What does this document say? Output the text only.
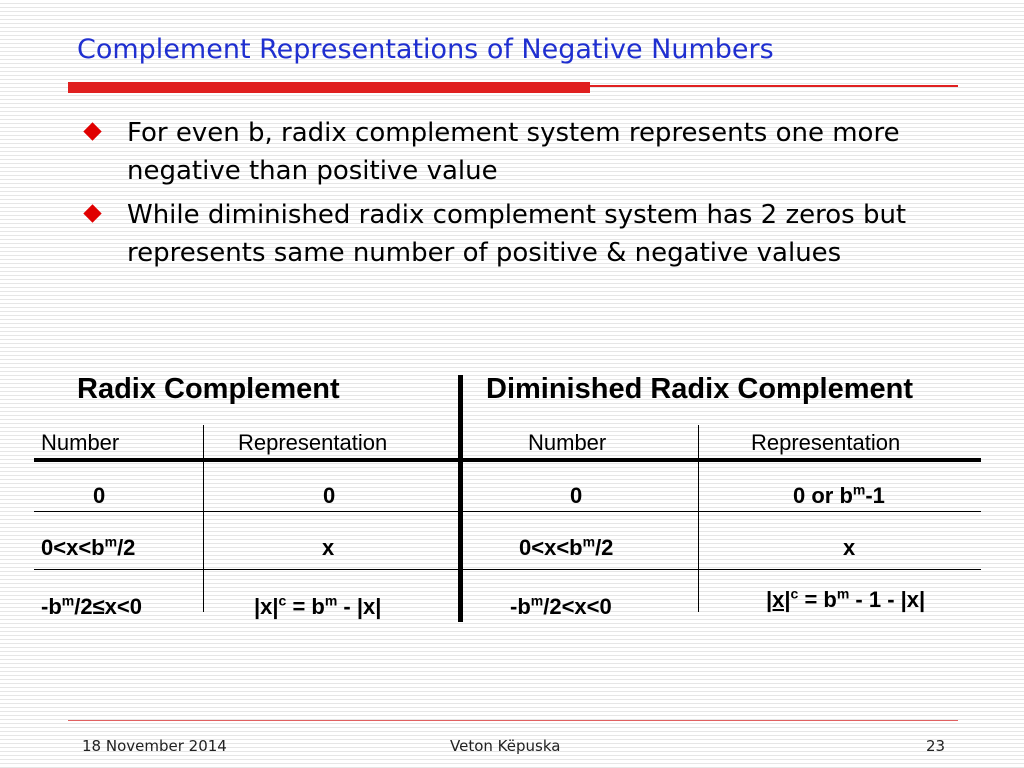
Complement Representations of Negative Numbers
For even b, radix complement system represents one more negative than positive value
While diminished radix complement system has 2 zeros but represents same number of positive & negative values
Radix Complement	Diminished Radix Complement
Number	Representation	Number	Representation
0	0	0	0 or $b^m-1$
$0<x<b^m/2$	x	$0<x<b^m/2$	x
$-b^m/2\le x<0$	$|x|^c = b^m - |x|$	$-b^m/2<x<0$	$|x|^c = b^m - 1 - |x|$
18 November 2014	Veton Këpuska	23
